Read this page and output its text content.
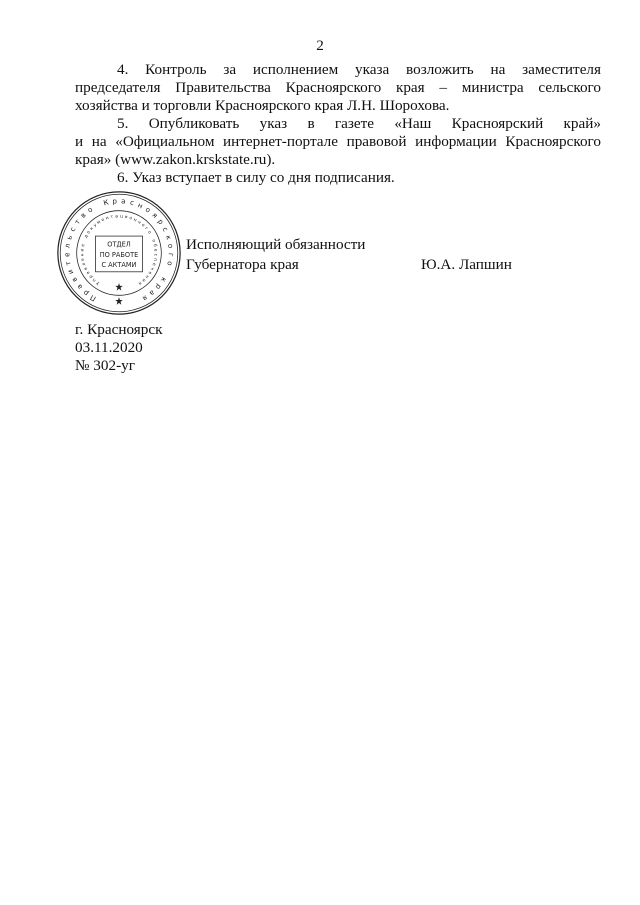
2
4. Контроль за исполнением указа возложить на заместителя
председателя Правительства Красноярского края – министра сельского
хозяйства и торговли Красноярского края Л.Н. Шорохова.
5. Опубликовать указ в газете «Наш Красноярский край»
и на «Официальном интернет-портале правовой информации Красноярского
края» (www.zakon.krskstate.ru).
6. Указ вступает в силу со дня подписания.
П
р
а
в
и
т
е
л
ь
с
т
в
о
К р а с н о
я
р
с
к
о
г
о
к
р
а
я
У
п
р
а
в
л
е
н
и
е
д
о
к
у
м е н т а ц и о н н
о
г
о
о
б
е
с
п
е
ч
е
н
и
я
ОТДЕЛ
ПО РАБОТЕ
С АКТАМИ
Исполняющий обязанности
Губернатора края	Ю.А. Лапшин
г. Красноярск
03.11.2020
№ 302-уг
